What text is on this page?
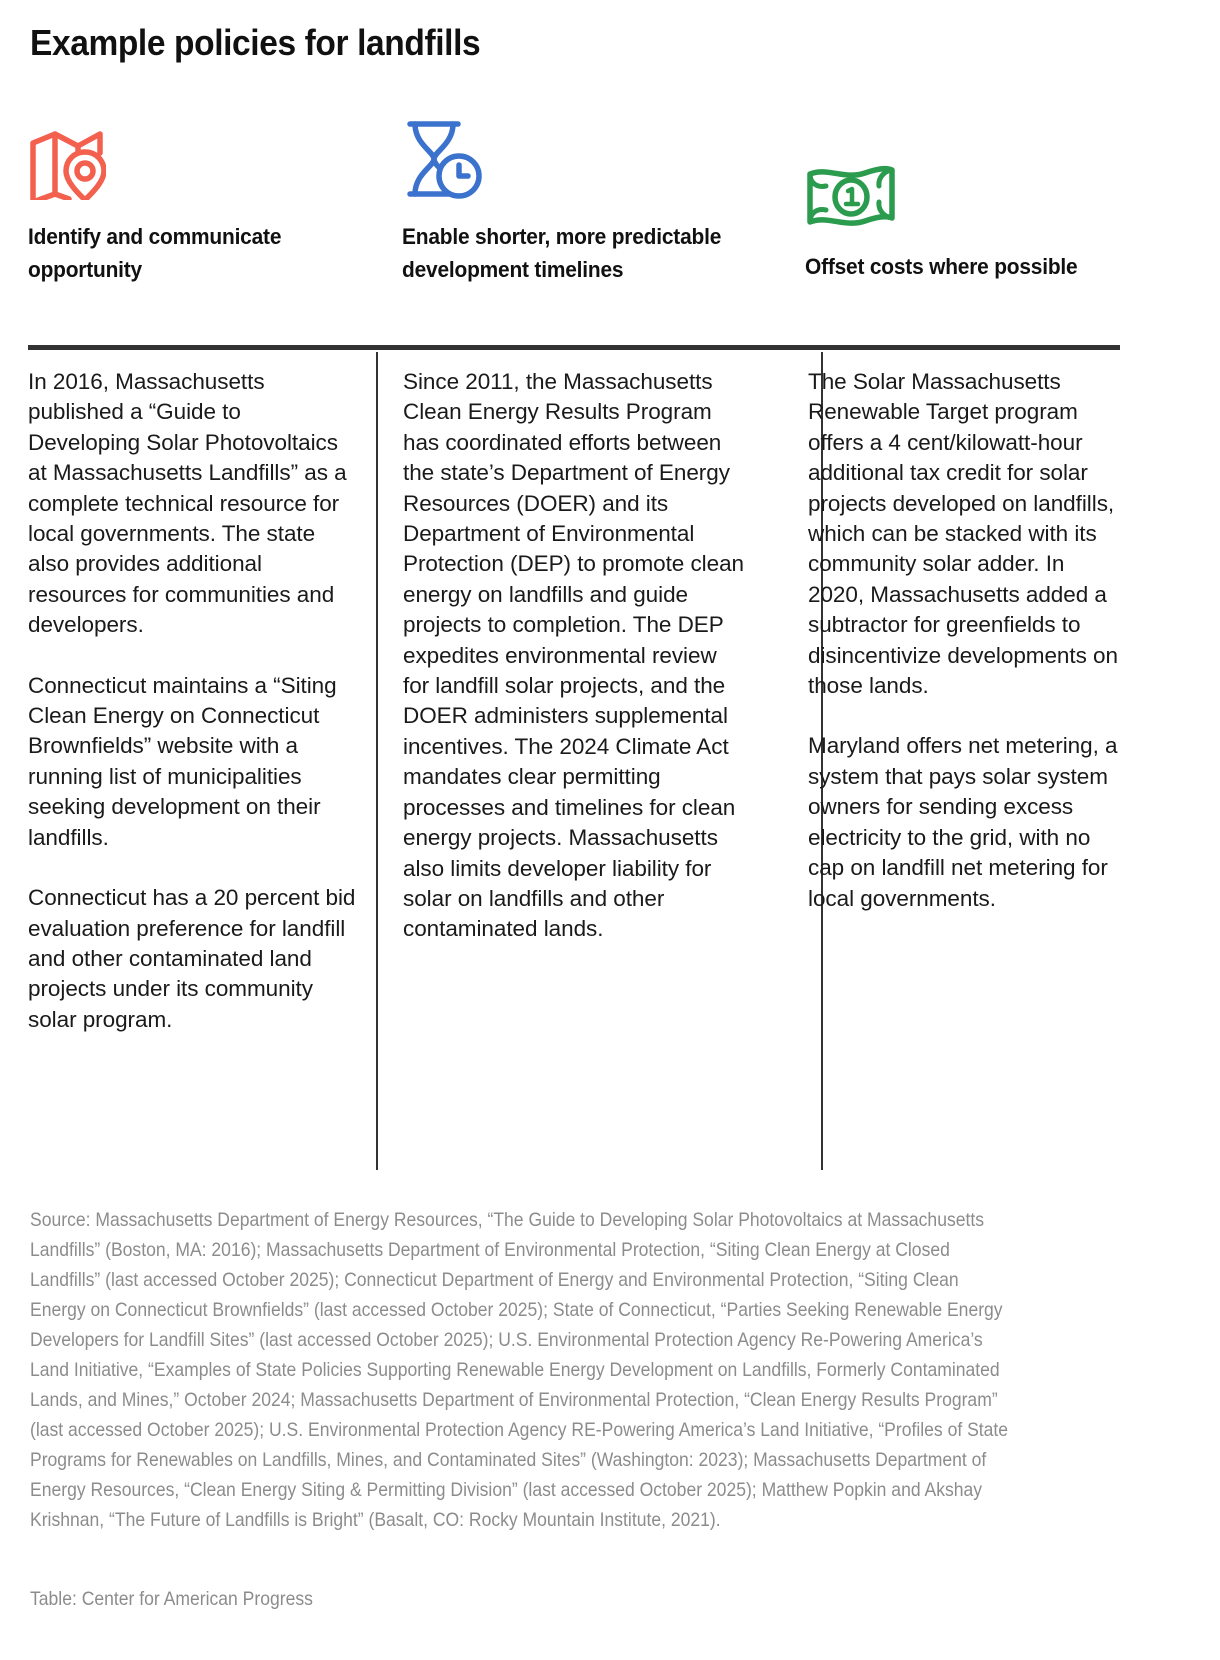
Example policies for landfills
Identify and communicate opportunity
Enable shorter, more predictable development timelines	Offset costs where possible

In 2016, Massachusetts published a “Guide to Developing Solar Photovoltaics at Massachusetts Landfills” as a complete technical resource for local governments. The state also provides additional resources for communities and developers.

Connecticut maintains a “Siting Clean Energy on Connecticut Brownfields” website with a running list of municipalities seeking development on their landfills.

Connecticut has a 20 percent bid evaluation preference for landfill and other contaminated land projects under its community solar program.

Since 2011, the Massachusetts Clean Energy Results Program has coordinated efforts between the state’s Department of Energy Resources (DOER) and its Department of Environmental Protection (DEP) to promote clean energy on landfills and guide projects to completion. The DEP expedites environmental review for landfill solar projects, and the DOER administers supplemental incentives. The 2024 Climate Act mandates clear permitting processes and timelines for clean energy projects. Massachusetts also limits developer liability for solar on landfills and other contaminated lands.

The Solar Massachusetts Renewable Target program offers a 4 cent/kilowatt-hour additional tax credit for solar projects developed on landfills, which can be stacked with its community solar adder. In 2020, Massachusetts added a subtractor for greenfields to disincentivize developments on those lands.

Maryland offers net metering, a system that pays solar system owners for sending excess electricity to the grid, with no cap on landfill net metering for local governments.

Source: Massachusetts Department of Energy Resources, “The Guide to Developing Solar Photovoltaics at Massachusetts Landfills” (Boston, MA: 2016); Massachusetts Department of Environmental Protection, “Siting Clean Energy at Closed Landfills” (last accessed October 2025); Connecticut Department of Energy and Environmental Protection, “Siting Clean Energy on Connecticut Brownfields” (last accessed October 2025); State of Connecticut, “Parties Seeking Renewable Energy Developers for Landfill Sites” (last accessed October 2025); U.S. Environmental Protection Agency Re-Powering America’s Land Initiative, “Examples of State Policies Supporting Renewable Energy Development on Landfills, Formerly Contaminated Lands, and Mines,” October 2024; Massachusetts Department of Environmental Protection, “Clean Energy Results Program” (last accessed October 2025); U.S. Environmental Protection Agency RE-Powering America’s Land Initiative, “Profiles of State Programs for Renewables on Landfills, Mines, and Contaminated Sites” (Washington: 2023); Massachusetts Department of Energy Resources, “Clean Energy Siting & Permitting Division” (last accessed October 2025); Matthew Popkin and Akshay Krishnan, “The Future of Landfills is Bright” (Basalt, CO: Rocky Mountain Institute, 2021).
Table: Center for American Progress
